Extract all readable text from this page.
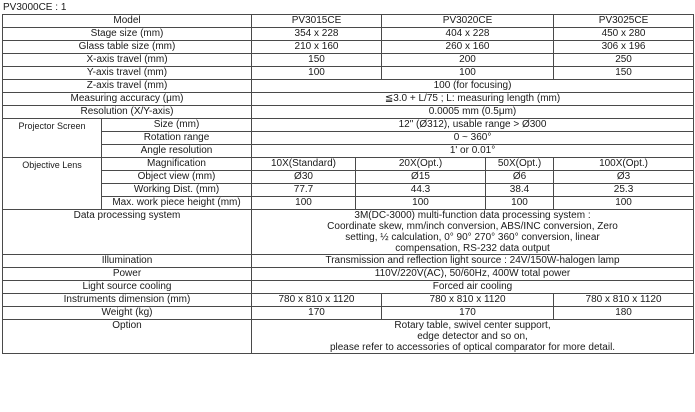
PV3000CE : 1
Model		PV3015CE		PV3020CE		PV3025CE
Stage size (mm)		354 x 228		404 x 228		450 x 280
Glass table size (mm)		210 x 160		260 x 160		306 x 196
X-axis travel (mm)		150		200		250
Y-axis travel (mm)		100		100		150
Z-axis travel (mm)		100 (for focusing)				
Measuring accuracy (μm)		≦3.0 + L/75 ; L: measuring length (mm)				
Resolution (X/Y-axis)		0.0005 mm (0.5μm)				
Projector Screen	Size (mm)	12" (Ø312), usable range > Ø300				
	Rotation range	0 ~ 360°				
	Angle resolution	1' or 0.01°				
Objective Lens	Magnification	10X(Standard)	20X(Opt.)		50X(Opt.)	100X(Opt.)
	Object view (mm)	Ø30	Ø15		Ø6	Ø3
	Working Dist. (mm)	77.7	44.3		38.4	25.3
	Max. work piece height (mm)	100	100		100	100
Data processing system		3M(DC-3000) multi-function data processing system :
Coordinate skew, mm/inch conversion, ABS/INC conversion, Zero
setting, ½ calculation, 0° 90° 270° 360° conversion, linear
compensation, RS-232 data output				

Illumination		Transmission and reflection light source : 24V/150W-halogen lamp				
Power		110V/220V(AC), 50/60Hz, 400W total power				
Light source cooling		Forced air cooling				
Instruments dimension (mm)		780 x 810 x 1120		780 x 810 x 1120		780 x 810 x 1120
Weight (kg)		170		170		180
Option		Rotary table, swivel center support,
edge detector and so on,
please refer to accessories of optical comparator for more detail.				
